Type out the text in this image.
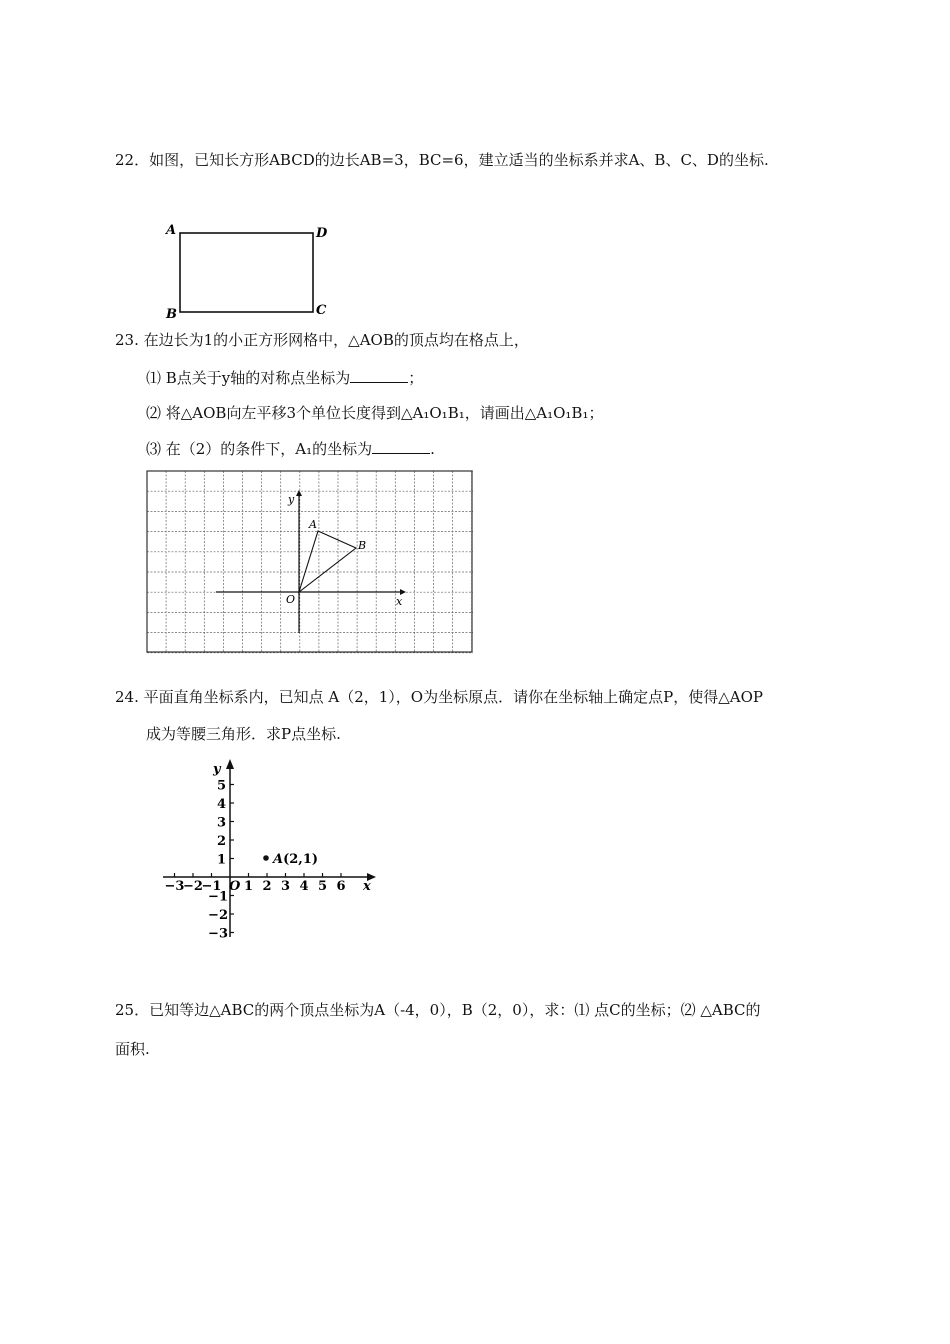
22．如图，已知长方形ABCD的边长AB=3，BC=6，建立适当的坐标系并求A、B、C、D的坐标.
A	D
B	C
23. 在边长为1的小正方形网格中，△AOB的顶点均在格点上，
⑴ B点关于y轴的对称点坐标为	；
⑵ 将△AOB向左平移3个单位长度得到△A₁O₁B₁，请画出△A₁O₁B₁；
⑶ 在（2）的条件下，A₁的坐标为	.
y
x
O
A
B
24. 平面直角坐标系内，已知点 A（2，1），O为坐标原点．请你在坐标轴上确定点P，使得△AOP
成为等腰三角形．求P点坐标.
y
x
O
5
4
3
2
1
−1
−2
−3
1 2 3 4 5 6
−3
−2
−1
A(2,1)
25．已知等边△ABC的两个顶点坐标为A（-4，0），B（2，0），求：⑴ 点C的坐标；⑵ △ABC的
面积.
